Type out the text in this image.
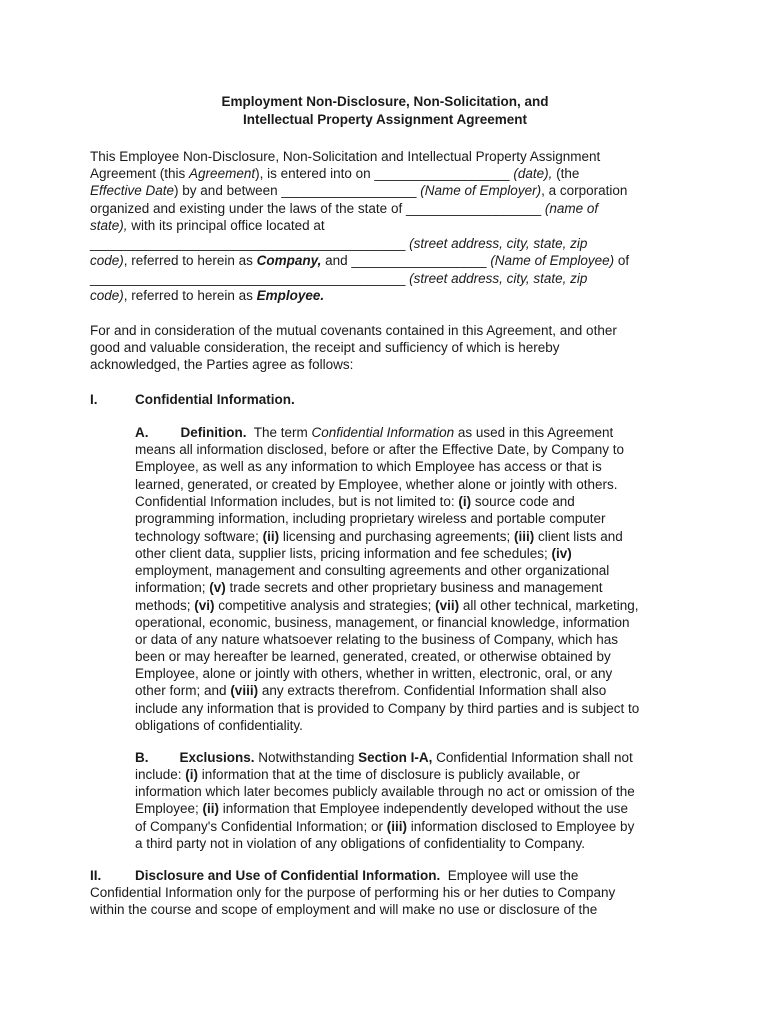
Employment Non-Disclosure, Non-Solicitation, and
Intellectual Property Assignment Agreement
This Employee Non-Disclosure, Non-Solicitation and Intellectual Property Assignment
Agreement (this Agreement), is entered into on __________________ (date), (the
Effective Date) by and between __________________ (Name of Employer), a corporation
organized and existing under the laws of the state of __________________ (name of
state), with its principal office located at
__________________________________________ (street address, city, state, zip
code), referred to herein as Company, and __________________ (Name of Employee) of
__________________________________________ (street address, city, state, zip
code), referred to herein as Employee.
For and in consideration of the mutual covenants contained in this Agreement, and other
good and valuable consideration, the receipt and sufficiency of which is hereby
acknowledged, the Parties agree as follows:
I.	Confidential Information.
A. Definition.  The term Confidential Information as used in this Agreement
means all information disclosed, before or after the Effective Date, by Company to
Employee, as well as any information to which Employee has access or that is
learned, generated, or created by Employee, whether alone or jointly with others.
Confidential Information includes, but is not limited to: (i) source code and
programming information, including proprietary wireless and portable computer
technology software; (ii) licensing and purchasing agreements; (iii) client lists and
other client data, supplier lists, pricing information and fee schedules; (iv)
employment, management and consulting agreements and other organizational
information; (v) trade secrets and other proprietary business and management
methods; (vi) competitive analysis and strategies; (vii) all other technical, marketing,
operational, economic, business, management, or financial knowledge, information
or data of any nature whatsoever relating to the business of Company, which has
been or may hereafter be learned, generated, created, or otherwise obtained by
Employee, alone or jointly with others, whether in written, electronic, oral, or any
other form; and (viii) any extracts therefrom. Confidential Information shall also
include any information that is provided to Company by third parties and is subject to
obligations of confidentiality.
B. Exclusions. Notwithstanding Section I-A, Confidential Information shall not
include: (i) information that at the time of disclosure is publicly available, or
information which later becomes publicly available through no act or omission of the
Employee; (ii) information that Employee independently developed without the use
of Company's Confidential Information; or (iii) information disclosed to Employee by
a third party not in violation of any obligations of confidentiality to Company.
II. Disclosure and Use of Confidential Information.  Employee will use the
Confidential Information only for the purpose of performing his or her duties to Company
within the course and scope of employment and will make no use or disclosure of the
